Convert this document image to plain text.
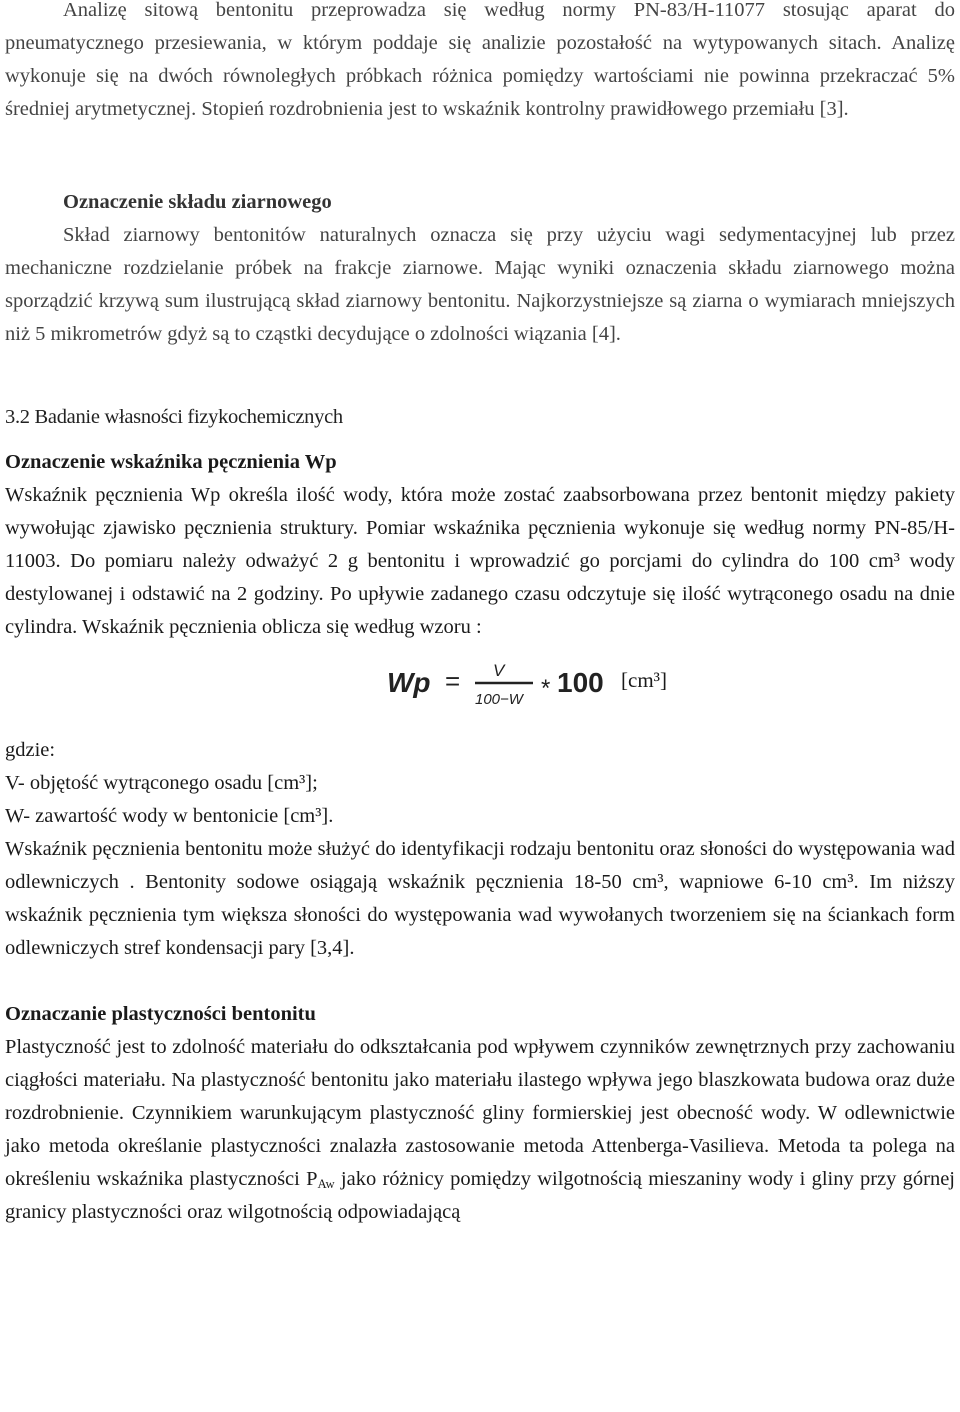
Analizę sitową bentonitu przeprowadza się według normy PN-83/H-11077 stosując aparat do pneumatycznego przesiewania, w którym poddaje się analizie pozostałość na wytypowanych sitach. Analizę wykonuje się na dwóch równoległych próbkach różnica pomiędzy wartościami nie powinna przekraczać 5% średniej arytmetycznej. Stopień rozdrobnienia jest to wskaźnik kontrolny prawidłowego przemiału [3].

Oznaczenie składu ziarnowego

Skład ziarnowy bentonitów naturalnych oznacza się przy użyciu wagi sedymentacyjnej lub przez mechaniczne rozdzielanie próbek na frakcje ziarnowe. Mając wyniki oznaczenia składu ziarnowego można sporządzić krzywą sum ilustrującą skład ziarnowy bentonitu. Najkorzystniejsze są ziarna o wymiarach mniejszych niż 5 mikrometrów gdyż są to cząstki decydujące o zdolności wiązania [4].

3.2 Badanie własności fizykochemicznych

Oznaczenie wskaźnika pęcznienia Wp

Wskaźnik pęcznienia Wp określa ilość wody, która może zostać zaabsorbowana przez bentonit między pakiety wywołując zjawisko pęcznienia struktury. Pomiar wskaźnika pęcznienia wykonuje się według normy PN-85/H-11003. Do pomiaru należy odważyć 2 g bentonitu i wprowadzić go porcjami do cylindra do 100 cm³ wody destylowanej i odstawić na 2 godziny. Po upływie zadanego czasu odczytuje się ilość wytrąconego osadu na dnie cylindra. Wskaźnik pęcznienia oblicza się według wzoru :

Wp = V
100−W * 100 [cm³]

gdzie:

V- objętość wytrąconego osadu [cm³];

W- zawartość wody w bentonicie [cm³].

Wskaźnik pęcznienia bentonitu może służyć do identyfikacji rodzaju bentonitu oraz słoności do występowania wad odlewniczych . Bentonity sodowe osiągają wskaźnik pęcznienia 18-50 cm³, wapniowe 6-10 cm³. Im niższy wskaźnik pęcznienia tym większa słoności do występowania wad wywołanych tworzeniem się na ściankach form odlewniczych stref kondensacji pary [3,4].

Oznaczanie plastyczności bentonitu

Plastyczność jest to zdolność materiału do odkształcania pod wpływem czynników zewnętrznych przy zachowaniu ciągłości materiału. Na plastyczność bentonitu jako materiału ilastego wpływa jego blaszkowata budowa oraz duże rozdrobnienie. Czynnikiem warunkującym plastyczność gliny formierskiej jest obecność wody. W odlewnictwie jako metoda określanie plastyczności znalazła zastosowanie metoda Attenberga-Vasilieva. Metoda ta polega na określeniu wskaźnika plastyczności $P_{Aw}$ jako różnicy pomiędzy wilgotnością mieszaniny wody i gliny przy górnej granicy plastyczności oraz wilgotnością odpowiadającą
